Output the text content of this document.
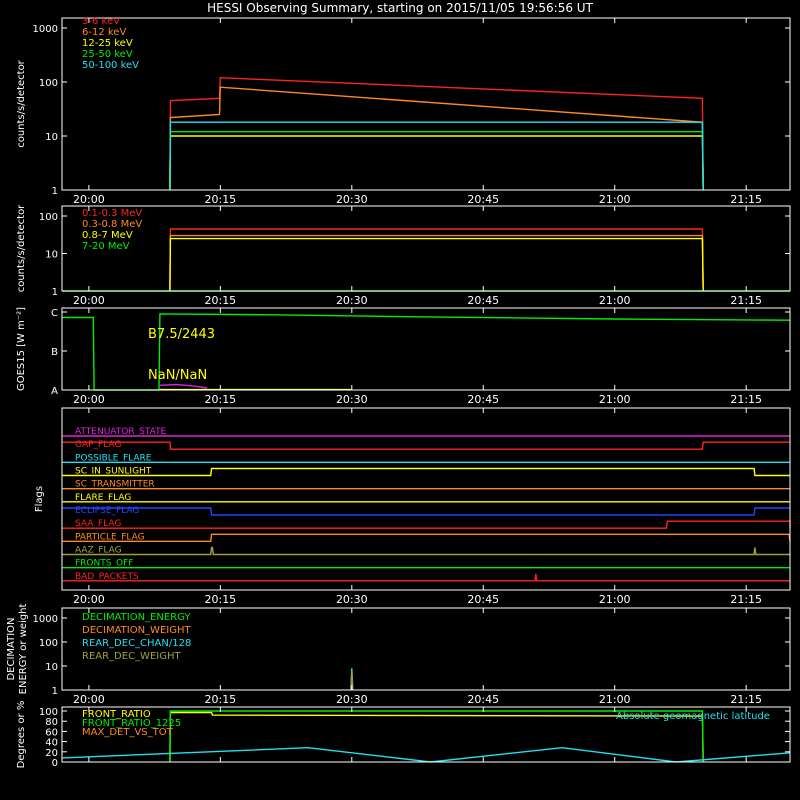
HESSI Observing Summary, starting on 2015/11/05 19:56:56 UT
20:00	20:15	20:30	20:45	21:00	21:15
1
10
100
1000
counts/s/detector
3-6 keV
6-12 keV
12-25 keV
25-50 keV
50-100 keV
20:00	20:15	20:30	20:45	21:00	21:15
1
10
100
counts/s/detector	0.1-0.3 MeV
0.3-0.8 MeV
0.8-7 MeV
7-20 MeV
20:00	20:15	20:30	20:45	21:00	21:15
A
B
C
GOES15 [W m⁻²]	B7.5/2443
NaN/NaN
ATTENUATOR_STATE
GAP_FLAG
POSSIBLE_FLARE
SC_IN_SUNLIGHT
SC_TRANSMITTER
FLARE_FLAG
ECLIPSE_FLAG
SAA_FLAG
PARTICLE_FLAG
AAZ_FLAG
FRONTS_OFF
BAD_PACKETS
20:00	20:15	20:30	20:45	21:00	21:15
Flags
20:00	20:15	20:30	20:45	21:00	21:15
1
10
100
1000
DECIMATION ENERGY or weight	DECIMATION_ENERGY
DECIMATION_WEIGHT
REAR_DEC_CHAN/128
REAR_DEC_WEIGHT
0
20
40
60
80
100
Degrees or %	FRONT_RATIO
FRONT_RATIO_1225
MAX_DET_VS_TOT
Absolute geomagnetic latitude
